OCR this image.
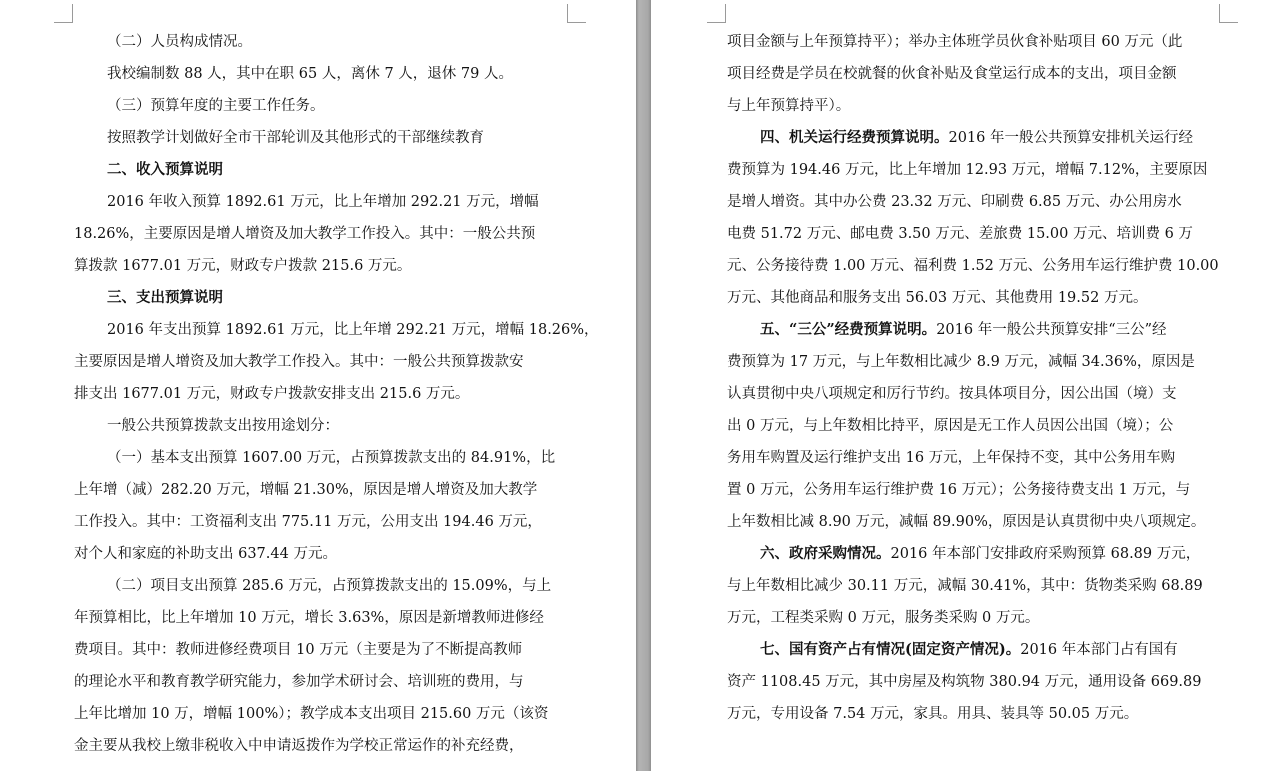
（二）人员构成情况。
我校编制数 88 人，其中在职 65 人，离休 7 人，退休 79 人。
（三）预算年度的主要工作任务。
按照教学计划做好全市干部轮训及其他形式的干部继续教育
二、收入预算说明
2016 年收入预算 1892.61 万元，比上年增加 292.21 万元，增幅
18.26%，主要原因是增人增资及加大教学工作投入。其中：一般公共预
算拨款 1677.01 万元，财政专户拨款 215.6 万元。
三、支出预算说明
2016 年支出预算 1892.61 万元，比上年增 292.21 万元，增幅 18.26%，
主要原因是增人增资及加大教学工作投入。其中：一般公共预算拨款安
排支出 1677.01 万元，财政专户拨款安排支出 215.6 万元。
一般公共预算拨款支出按用途划分：
（一）基本支出预算 1607.00 万元，占预算拨款支出的 84.91%，比
上年增（减）282.20 万元，增幅 21.30%，原因是增人增资及加大教学
工作投入。其中：工资福利支出 775.11 万元，公用支出 194.46 万元，
对个人和家庭的补助支出 637.44 万元。
（二）项目支出预算 285.6 万元，占预算拨款支出的 15.09%，与上
年预算相比，比上年增加 10 万元，增长 3.63%，原因是新增教师进修经
费项目。其中：教师进修经费项目 10 万元（主要是为了不断提高教师
的理论水平和教育教学研究能力，参加学术研讨会、培训班的费用，与
上年比增加 10 万，增幅 100%）；教学成本支出项目 215.60 万元（该资
金主要从我校上缴非税收入中申请返拨作为学校正常运作的补充经费，
项目金额与上年预算持平）；举办主体班学员伙食补贴项目 60 万元（此
项目经费是学员在校就餐的伙食补贴及食堂运行成本的支出，项目金额
与上年预算持平）。
四、机关运行经费预算说明。2016 年一般公共预算安排机关运行经
费预算为 194.46 万元，比上年增加 12.93 万元，增幅 7.12%，主要原因
是增人增资。其中办公费 23.32 万元、印刷费 6.85 万元、办公用房水
电费 51.72 万元、邮电费 3.50 万元、差旅费 15.00 万元、培训费 6 万
元、公务接待费 1.00 万元、福利费 1.52 万元、公务用车运行维护费 10.00
万元、其他商品和服务支出 56.03 万元、其他费用 19.52 万元。
五、“三公”经费预算说明。2016 年一般公共预算安排“三公”经
费预算为 17 万元，与上年数相比减少 8.9 万元，减幅 34.36%，原因是
认真贯彻中央八项规定和厉行节约。按具体项目分，因公出国（境）支
出 0 万元，与上年数相比持平，原因是无工作人员因公出国（境）；公
务用车购置及运行维护支出 16 万元，上年保持不变，其中公务用车购
置 0 万元，公务用车运行维护费 16 万元）；公务接待费支出 1 万元，与
上年数相比减 8.90 万元，减幅 89.90%，原因是认真贯彻中央八项规定。
六、政府采购情况。2016 年本部门安排政府采购预算 68.89 万元，
与上年数相比减少 30.11 万元，减幅 30.41%，其中：货物类采购 68.89
万元，工程类采购 0 万元，服务类采购 0 万元。
七、国有资产占有情况(固定资产情况)。2016 年本部门占有国有
资产 1108.45 万元，其中房屋及构筑物 380.94 万元，通用设备 669.89
万元，专用设备 7.54 万元，家具。用具、装具等 50.05 万元。
